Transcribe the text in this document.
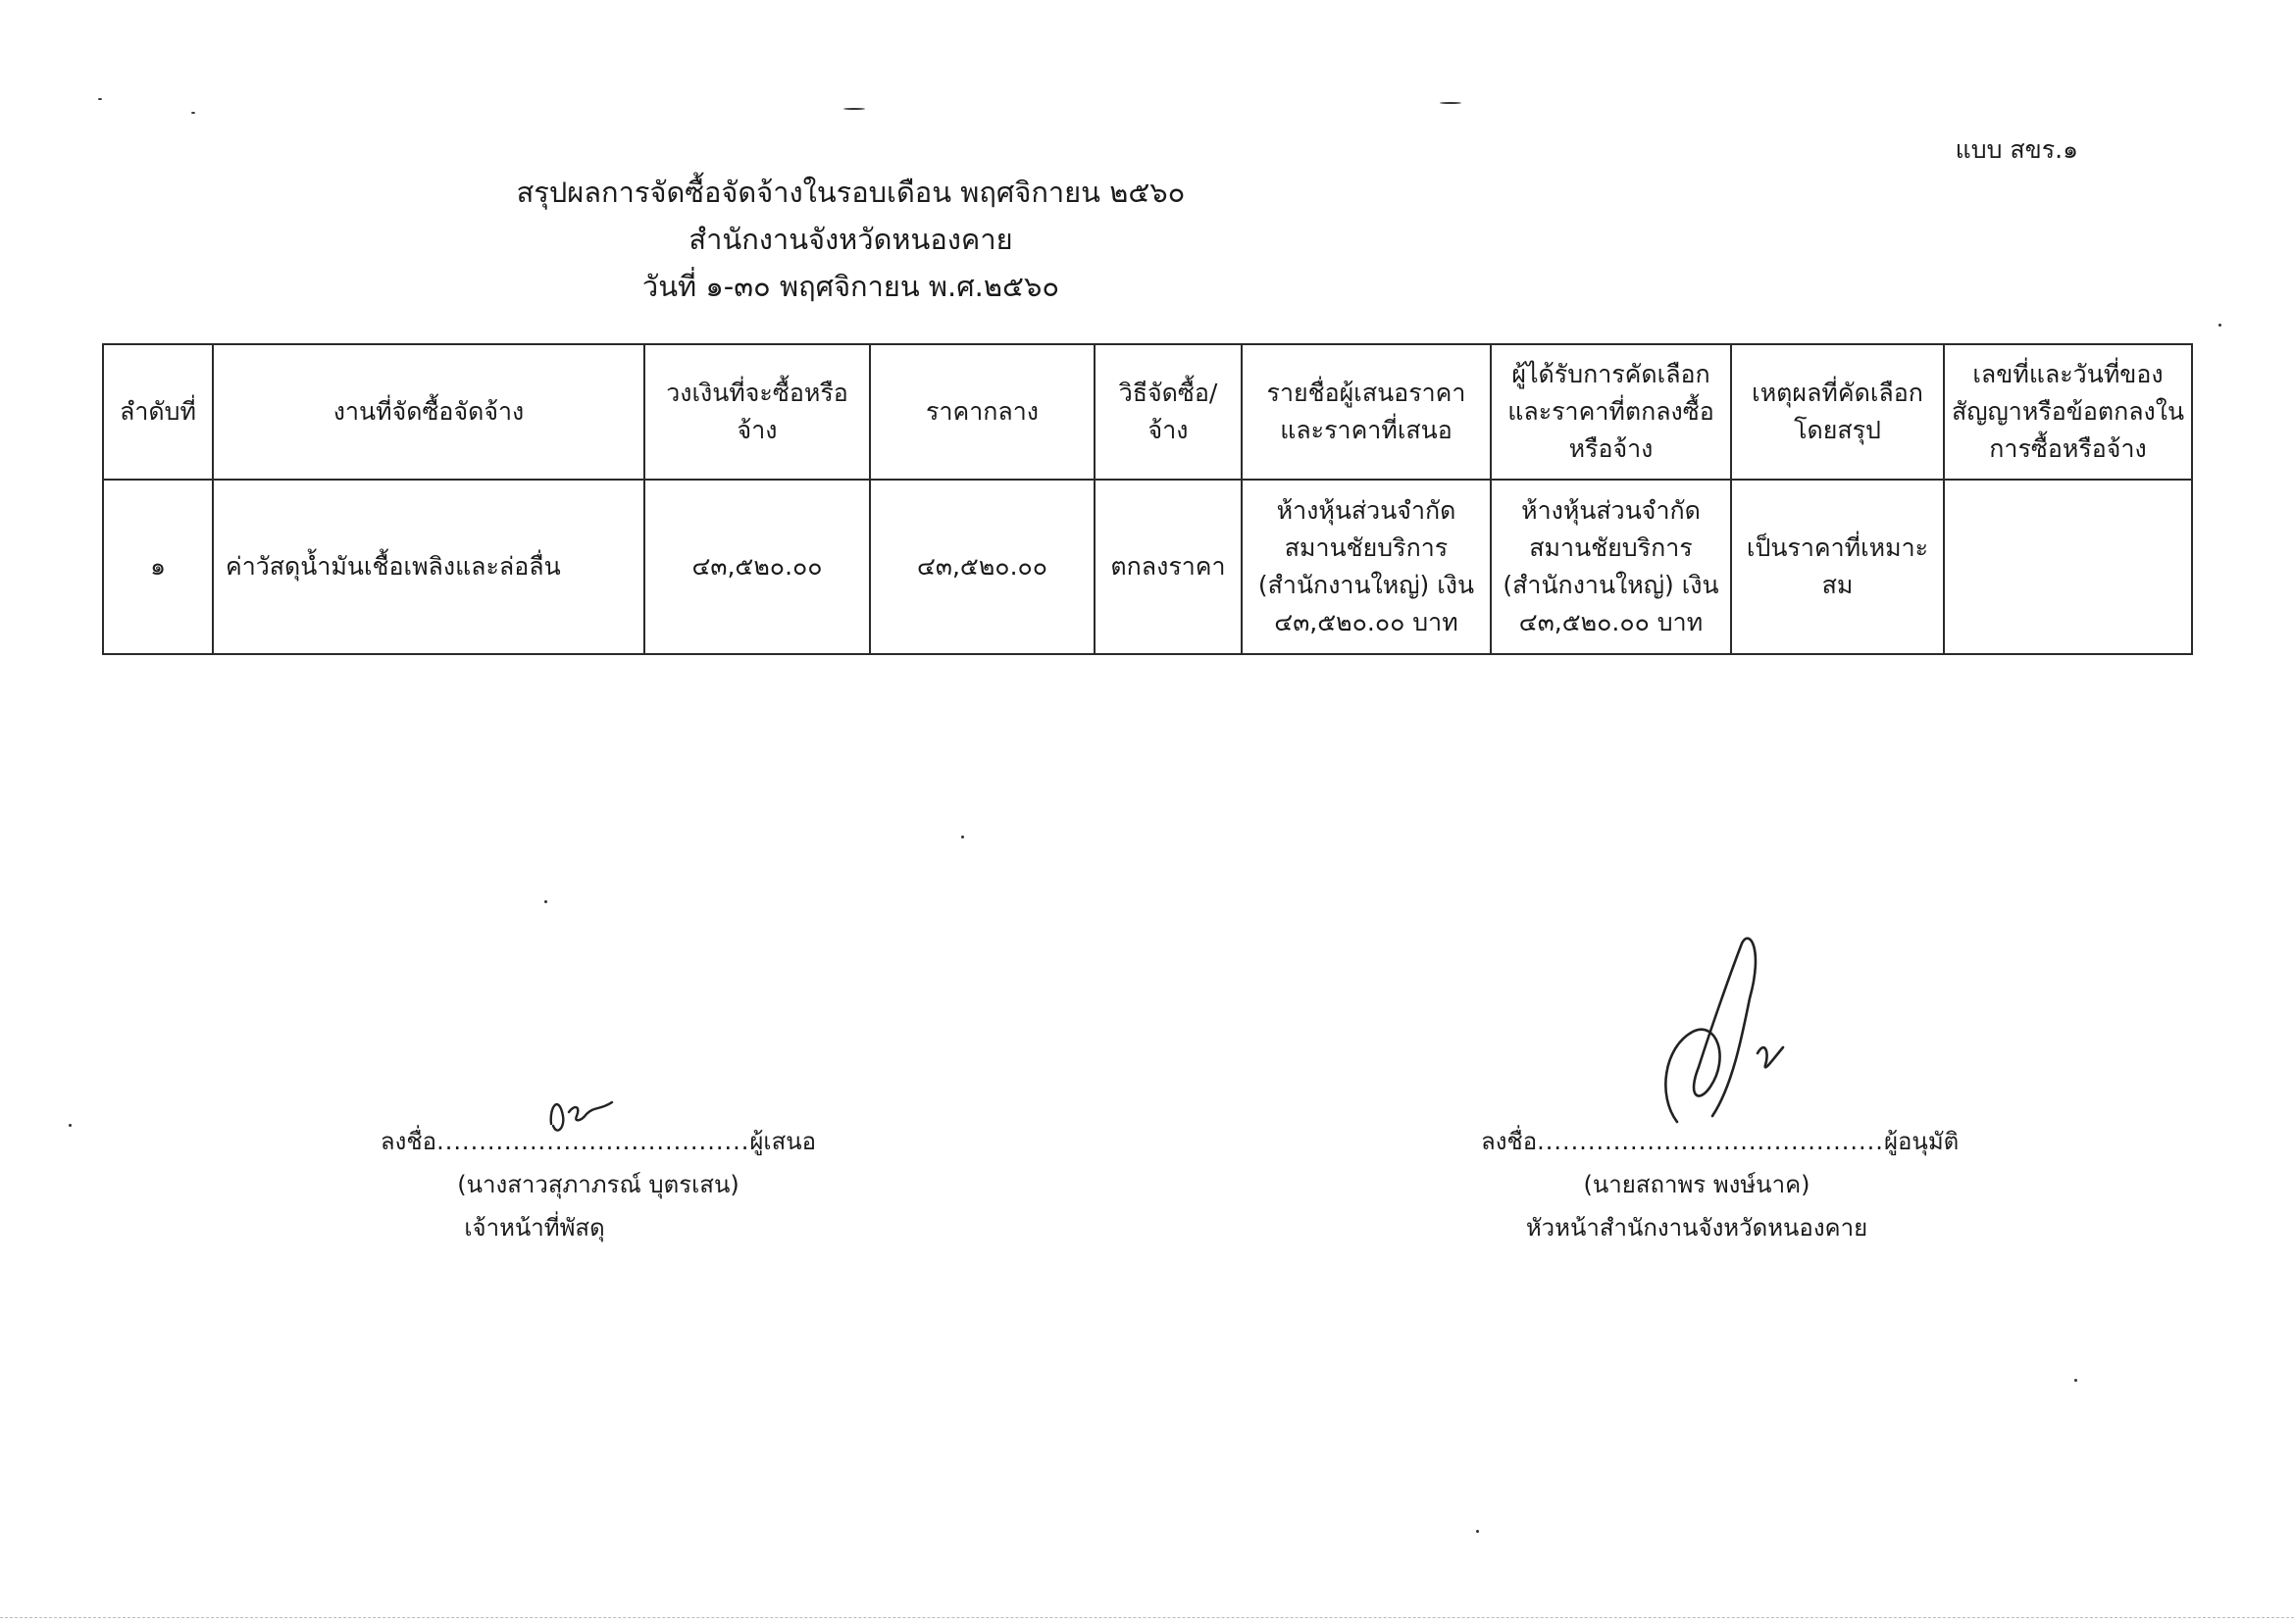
แบบ สขร.๑
สรุปผลการจัดซื้อจัดจ้างในรอบเดือน พฤศจิกายน ๒๕๖๐
สำนักงานจังหวัดหนองคาย
วันที่ ๑-๓๐ พฤศจิกายน พ.ศ.๒๕๖๐
ลำดับที่	งานที่จัดซื้อจัดจ้าง	วงเงินที่จะซื้อหรือจ้าง	ราคากลาง	วิธีจัดซื้อ/จ้าง	รายชื่อผู้เสนอราคาและราคาที่เสนอ	ผู้ได้รับการคัดเลือกและราคาที่ตกลงซื้อหรือจ้าง	เหตุผลที่คัดเลือกโดยสรุป	เลขที่และวันที่ของสัญญาหรือข้อตกลงในการซื้อหรือจ้าง
๑	ค่าวัสดุน้ำมันเชื้อเพลิงและล่อลื่น	๔๓,๕๒๐.๐๐	๔๓,๕๒๐.๐๐	ตกลงราคา	ห้างหุ้นส่วนจำกัด สมานชัยบริการ (สำนักงานใหญ่) เงิน ๔๓,๕๒๐.๐๐ บาท	ห้างหุ้นส่วนจำกัด สมานชัยบริการ (สำนักงานใหญ่) เงิน ๔๓,๕๒๐.๐๐ บาท	เป็นราคาที่เหมาะสม	
ลงชื่อ.....................................ผู้เสนอ
(นางสาวสุภาภรณ์ บุตรเสน)
เจ้าหน้าที่พัสดุ
ลงชื่อ.........................................ผู้อนุมัติ
(นายสถาพร พงษ์นาค)
หัวหน้าสำนักงานจังหวัดหนองคาย
